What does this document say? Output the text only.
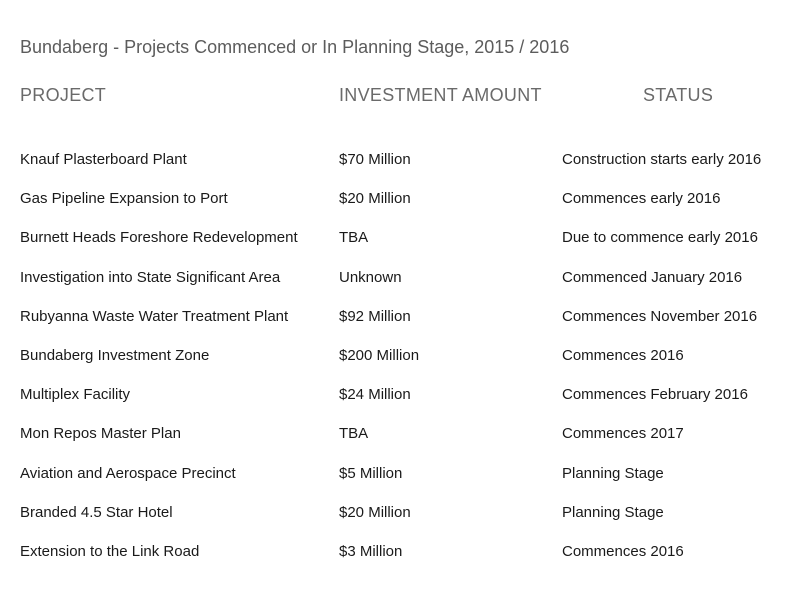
Bundaberg - Projects Commenced or In Planning Stage, 2015 / 2016
PROJECT	INVESTMENT AMOUNT	STATUS
Knauf Plasterboard Plant	$70 Million	Construction starts early 2016
Gas Pipeline Expansion to Port	$20 Million	Commences early 2016
Burnett Heads Foreshore Redevelopment	TBA	Due to commence early 2016
Investigation into State Significant Area	Unknown	Commenced January 2016
Rubyanna Waste Water Treatment Plant	$92 Million	Commences November 2016
Bundaberg Investment Zone	$200 Million	Commences 2016
Multiplex Facility	$24 Million	Commences February 2016
Mon Repos Master Plan	TBA	Commences 2017
Aviation and Aerospace Precinct	$5 Million	Planning Stage
Branded 4.5 Star Hotel	$20 Million	Planning Stage
Extension to the Link Road	$3 Million	Commences 2016
